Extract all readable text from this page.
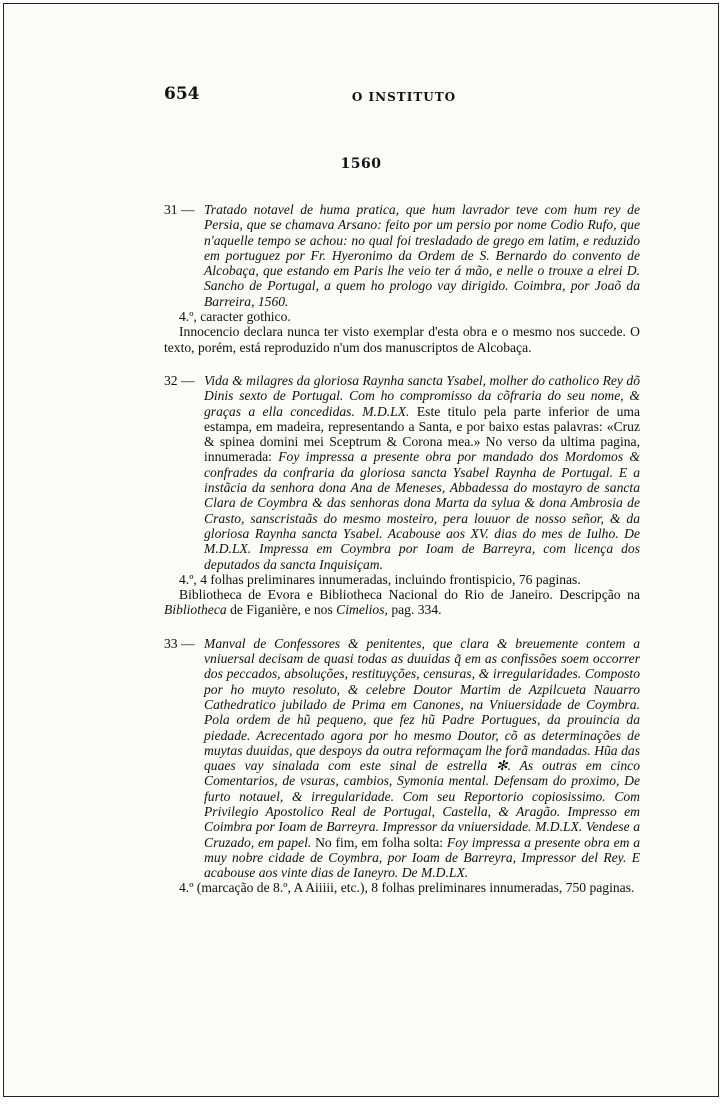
654	O INSTITUTO
1560
31 — Tratado notavel de huma pratica, que hum lavrador teve com hum rey de Persia, que se chamava Arsano: feito por um persio por nome Codio Rufo, que n'aquelle tempo se achou: no qual foi tresladado de grego em latim, e reduzido em portuguez por Fr. Hyeronimo da Ordem de S. Bernardo do convento de Alcobaça, que estando em Paris lhe veio ter á mão, e nelle o trouxe a elrei D. Sancho de Portugal, a quem ho prologo vay dirigido. Coimbra, por Joaõ da Barreira, 1560.

4.º, caracter gothico.

Innocencio declara nunca ter visto exemplar d'esta obra e o mesmo nos succede. O texto, porém, está reproduzido n'um dos manuscriptos de Alcobaça.

32 — Vida & milagres da gloriosa Raynha sancta Ysabel, molher do catholico Rey dõ Dinis sexto de Portugal. Com ho compromisso da cõfraria do seu nome, & graças a ella concedidas. M.D.LX. Este titulo pela parte inferior de uma estampa, em madeira, representando a Santa, e por baixo estas palavras: «Cruz & spinea domini mei Sceptrum & Corona mea.» No verso da ultima pagina, innumerada: Foy impressa a presente obra por mandado dos Mordomos & confrades da confraria da gloriosa sancta Ysabel Raynha de Portugal. E a instãcia da senhora dona Ana de Meneses, Abbadessa do mostayro de sancta Clara de Coymbra & das senhoras dona Marta da sylua & dona Ambrosia de Crasto, sanscristaãs do mesmo mosteiro, pera louuor de nosso señor, & da gloriosa Raynha sancta Ysabel. Acabouse aos XV. dias do mes de Iulho. De M.D.LX. Impressa em Coymbra por Ioam de Barreyra, com licença dos deputados da sancta Inquisiçam.

4.º, 4 folhas preliminares innumeradas, incluindo frontispicio, 76 paginas.

Bibliotheca de Evora e Bibliotheca Nacional do Rio de Janeiro. Descripção na Bibliotheca de Figanière, e nos Cimelios, pag. 334.

33 — Manval de Confessores & penitentes, que clara & breuemente contem a vniuersal decisam de quasi todas as duuidas q̃ em as confissões soem occorrer dos peccados, absoluções, restituyções, censuras, & irregularidades. Composto por ho muyto resoluto, & celebre Doutor Martim de Azpilcueta Nauarro Cathedratico jubilado de Prima em Canones, na Vniuersidade de Coymbra. Pola ordem de hũ pequeno, que fez hũ Padre Portugues, da prouincia da piedade. Acrecentado agora por ho mesmo Doutor, cõ as determinações de muytas duuidas, que despoys da outra reformaçam lhe forã mandadas. Hũa das quaes vay sinalada com este sinal de estrella ✻. As outras em cinco Comentarios, de vsuras, cambios, Symonia mental. Defensam do proximo, De furto notauel, & irregularidade. Com seu Reportorio copiosissimo. Com Privilegio Apostolico Real de Portugal, Castella, & Aragão. Impresso em Coimbra por Ioam de Barreyra. Impressor da vniuersidade. M.D.LX. Vendese a Cruzado, em papel. No fim, em folha solta: Foy impressa a presente obra em a muy nobre cidade de Coymbra, por Ioam de Barreyra, Impressor del Rey. E acabouse aos vinte dias de Ianeyro. De M.D.LX.

4.º (marcação de 8.º, A Aiiiii, etc.), 8 folhas preliminares innumeradas, 750 paginas.
